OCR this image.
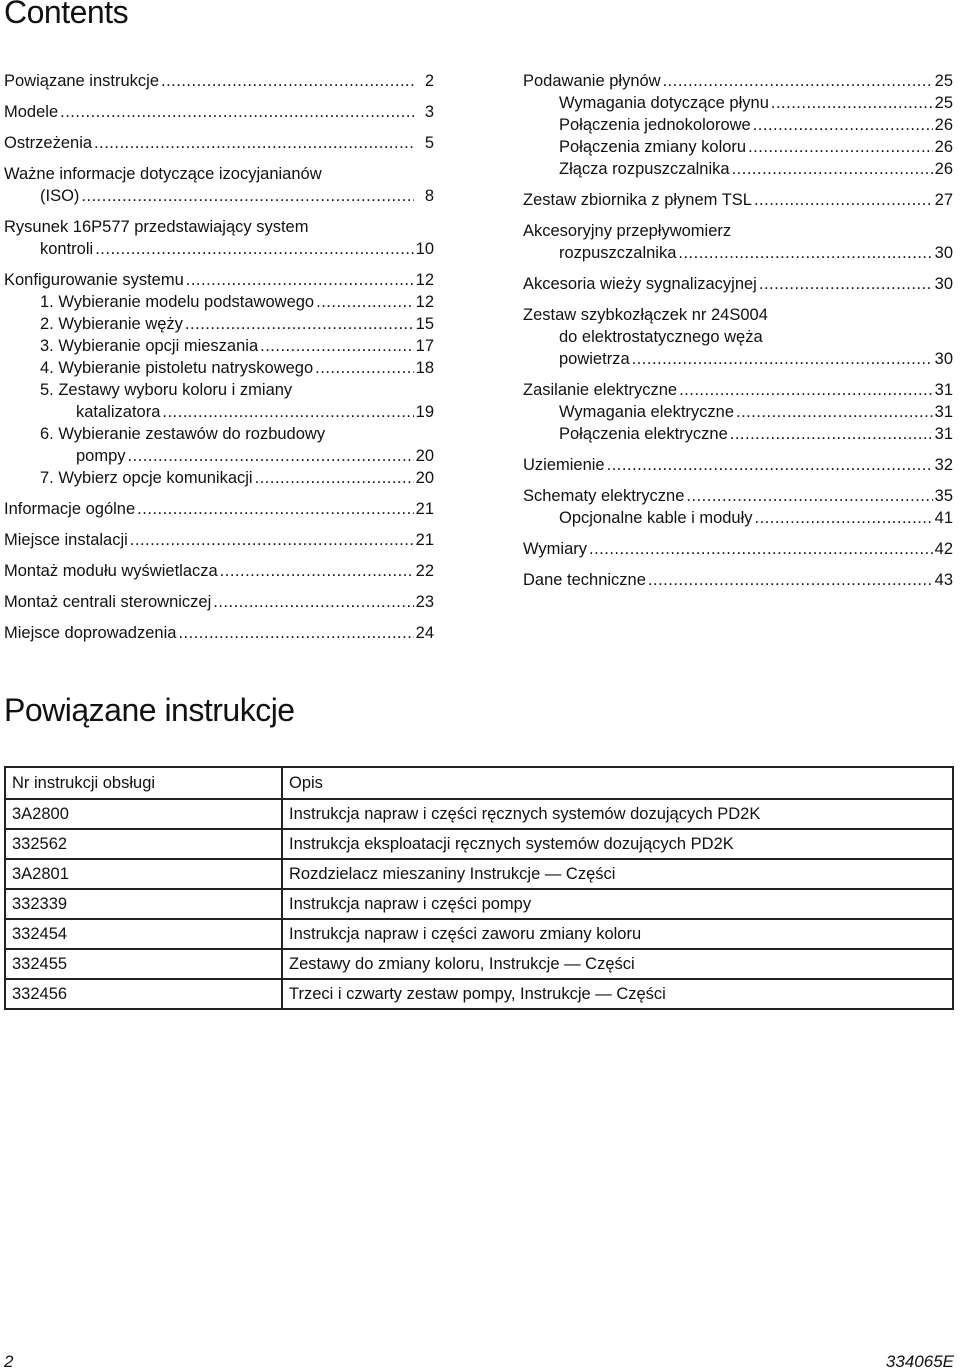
Contents
Powiązane instrukcje .....	2
Modele .....	3
Ostrzeżenia .....	5
Ważne informacje dotyczące izocyjanianów
(ISO) .....	8
Rysunek 16P577 przedstawiający system
kontroli .....	10
Konfigurowanie systemu .....	12
1. Wybieranie modelu podstawowego .....	12
2. Wybieranie węży .....	15
3. Wybieranie opcji mieszania .....	17
4. Wybieranie pistoletu natryskowego .....	18
5. Zestawy wyboru koloru i zmiany
katalizatora .....	19
6. Wybieranie zestawów do rozbudowy
pompy .....	20
7. Wybierz opcje komunikacji .....	20
Informacje ogólne .....	21
Miejsce instalacji .....	21
Montaż modułu wyświetlacza .....	22
Montaż centrali sterowniczej .....	23
Miejsce doprowadzenia .....	24
Podawanie płynów .....	25
Wymagania dotyczące płynu .....	25
Połączenia jednokolorowe .....	26
Połączenia zmiany koloru .....	26
Złącza rozpuszczalnika .....	26
Zestaw zbiornika z płynem TSL .....	27
Akcesoryjny przepływomierz
rozpuszczalnika .....	30
Akcesoria wieży sygnalizacyjnej .....	30
Zestaw szybkozłączek nr 24S004
do elektrostatycznego węża
powietrza .....	30
Zasilanie elektryczne .....	31
Wymagania elektryczne .....	31
Połączenia elektryczne .....	31
Uziemienie .....	32
Schematy elektryczne .....	35
Opcjonalne kable i moduły .....	41
Wymiary .....	42
Dane techniczne .....	43
Powiązane instrukcje
Nr instrukcji obsługi	Opis
3A2800	Instrukcja napraw i części ręcznych systemów dozujących PD2K
332562	Instrukcja eksploatacji ręcznych systemów dozujących PD2K
3A2801	Rozdzielacz mieszaniny Instrukcje — Części
332339	Instrukcja napraw i części pompy
332454	Instrukcja napraw i części zaworu zmiany koloru
332455	Zestawy do zmiany koloru, Instrukcje — Części
332456	Trzeci i czwarty zestaw pompy, Instrukcje — Części
2	334065E
